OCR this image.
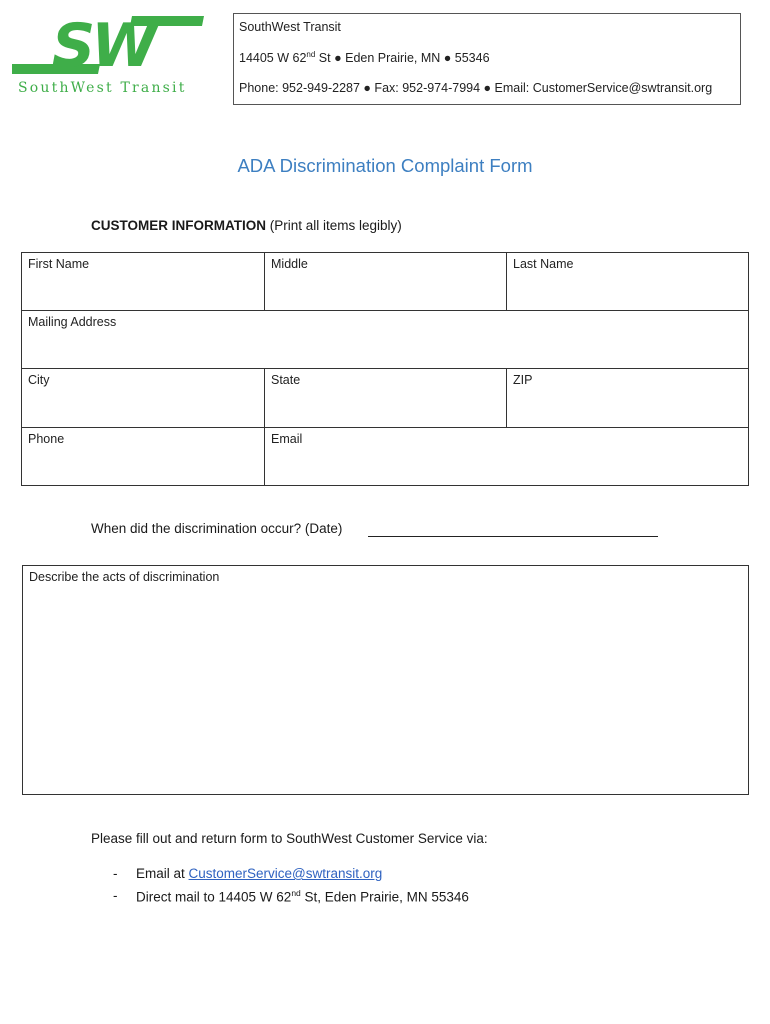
SW
SouthWest Transit
SouthWest Transit
14405 W 62nd St ● Eden Prairie, MN ● 55346
Phone: 952-949-2287 ● Fax: 952-974-7994 ● Email: CustomerService@swtransit.org
ADA Discrimination Complaint Form
CUSTOMER INFORMATION (Print all items legibly)
First Name	Middle	Last Name
Mailing Address
City	State	ZIP
Phone	Email
When did the discrimination occur? (Date)
Describe the acts of discrimination
Please fill out and return form to SouthWest Customer Service via:
- Email at CustomerService@swtransit.org
- Direct mail to 14405 W 62nd St, Eden Prairie, MN 55346
